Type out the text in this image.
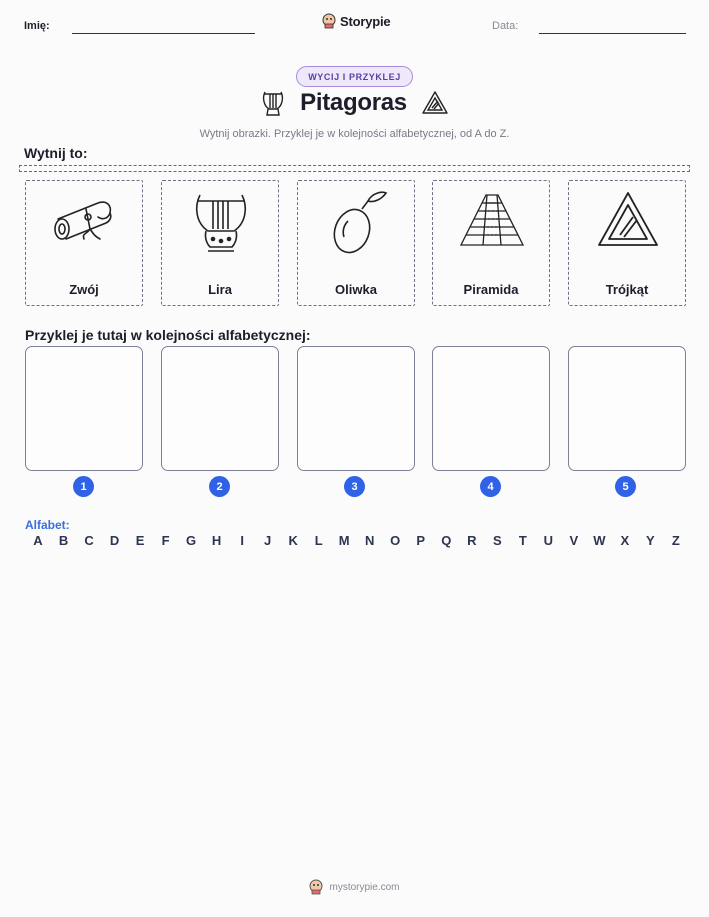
Imię:	Storypie	Data:
WYCIJ I PRZYKLEJ
Pitagoras
Wytnij obrazki. Przyklej je w kolejności alfabetycznej, od A do Z.
Wytnij to:
Zwój	Lira	Oliwka	Piramida	Trójkąt
Przyklej je tutaj w kolejności alfabetycznej:
1	2	3	4	5
Alfabet:
A	B	C	D	E	F	G	H	I	J	K	L	M	N	O	P	Q	R	S	T	U	V	W	X	Y	Z
mystorypie.com
